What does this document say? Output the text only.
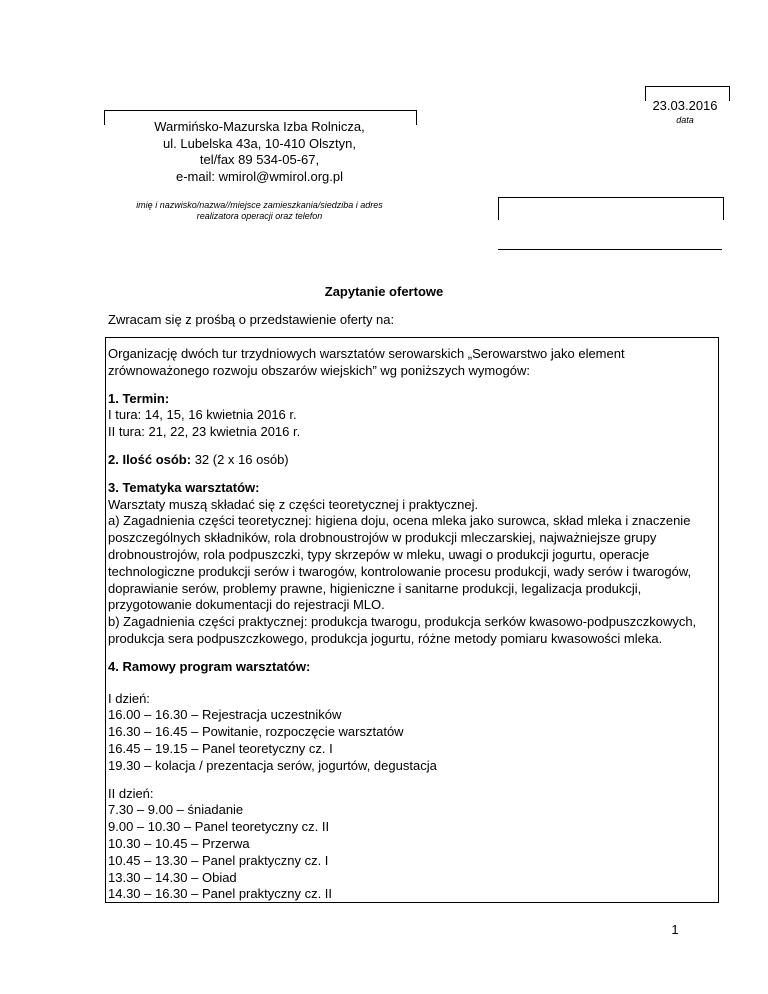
23.03.2016
data
Warmińsko-Mazurska Izba Rolnicza,
ul. Lubelska 43a, 10-410 Olsztyn,
tel/fax 89 534-05-67,
e-mail: wmirol@wmirol.org.pl
imię i nazwisko/nazwa//miejsce zamieszkania/siedziba i adres
realizatora operacji oraz telefon
Zapytanie ofertowe
Zwracam się z prośbą o przedstawienie oferty na:

Organizację dwóch tur trzydniowych warsztatów serowarskich „Serowarstwo jako element
zrównoważonego rozwoju obszarów wiejskich” wg poniższych wymogów:

1. Termin:
I tura: 14, 15, 16 kwietnia 2016 r.
II tura: 21, 22, 23 kwietnia 2016 r.

2. Ilość osób: 32 (2 x 16 osób)

3. Tematyka warsztatów:
Warsztaty muszą składać się z części teoretycznej i praktycznej.
a) Zagadnienia części teoretycznej: higiena doju, ocena mleka jako surowca, skład mleka i znaczenie
poszczególnych składników, rola drobnoustrojów w produkcji mleczarskiej, najważniejsze grupy
drobnoustrojów, rola podpuszczki, typy skrzepów w mleku, uwagi o produkcji jogurtu, operacje
technologiczne produkcji serów i twarogów, kontrolowanie procesu produkcji, wady serów i twarogów,
doprawianie serów, problemy prawne, higieniczne i sanitarne produkcji, legalizacja produkcji,
przygotowanie dokumentacji do rejestracji MLO.
b) Zagadnienia części praktycznej: produkcja twarogu, produkcja serków kwasowo-podpuszczkowych,
produkcja sera podpuszczkowego, produkcja jogurtu, różne metody pomiaru kwasowości mleka.

4. Ramowy program warsztatów:

I dzień:
16.00 – 16.30 – Rejestracja uczestników
16.30 – 16.45 – Powitanie, rozpoczęcie warsztatów
16.45 – 19.15 – Panel teoretyczny cz. I
19.30 – kolacja / prezentacja serów, jogurtów, degustacja

II dzień:
7.30 – 9.00 – śniadanie
9.00 – 10.30 – Panel teoretyczny cz. II
10.30 – 10.45 – Przerwa
10.45 – 13.30 – Panel praktyczny cz. I
13.30 – 14.30 – Obiad
14.30 – 16.30 – Panel praktyczny cz. II

1
